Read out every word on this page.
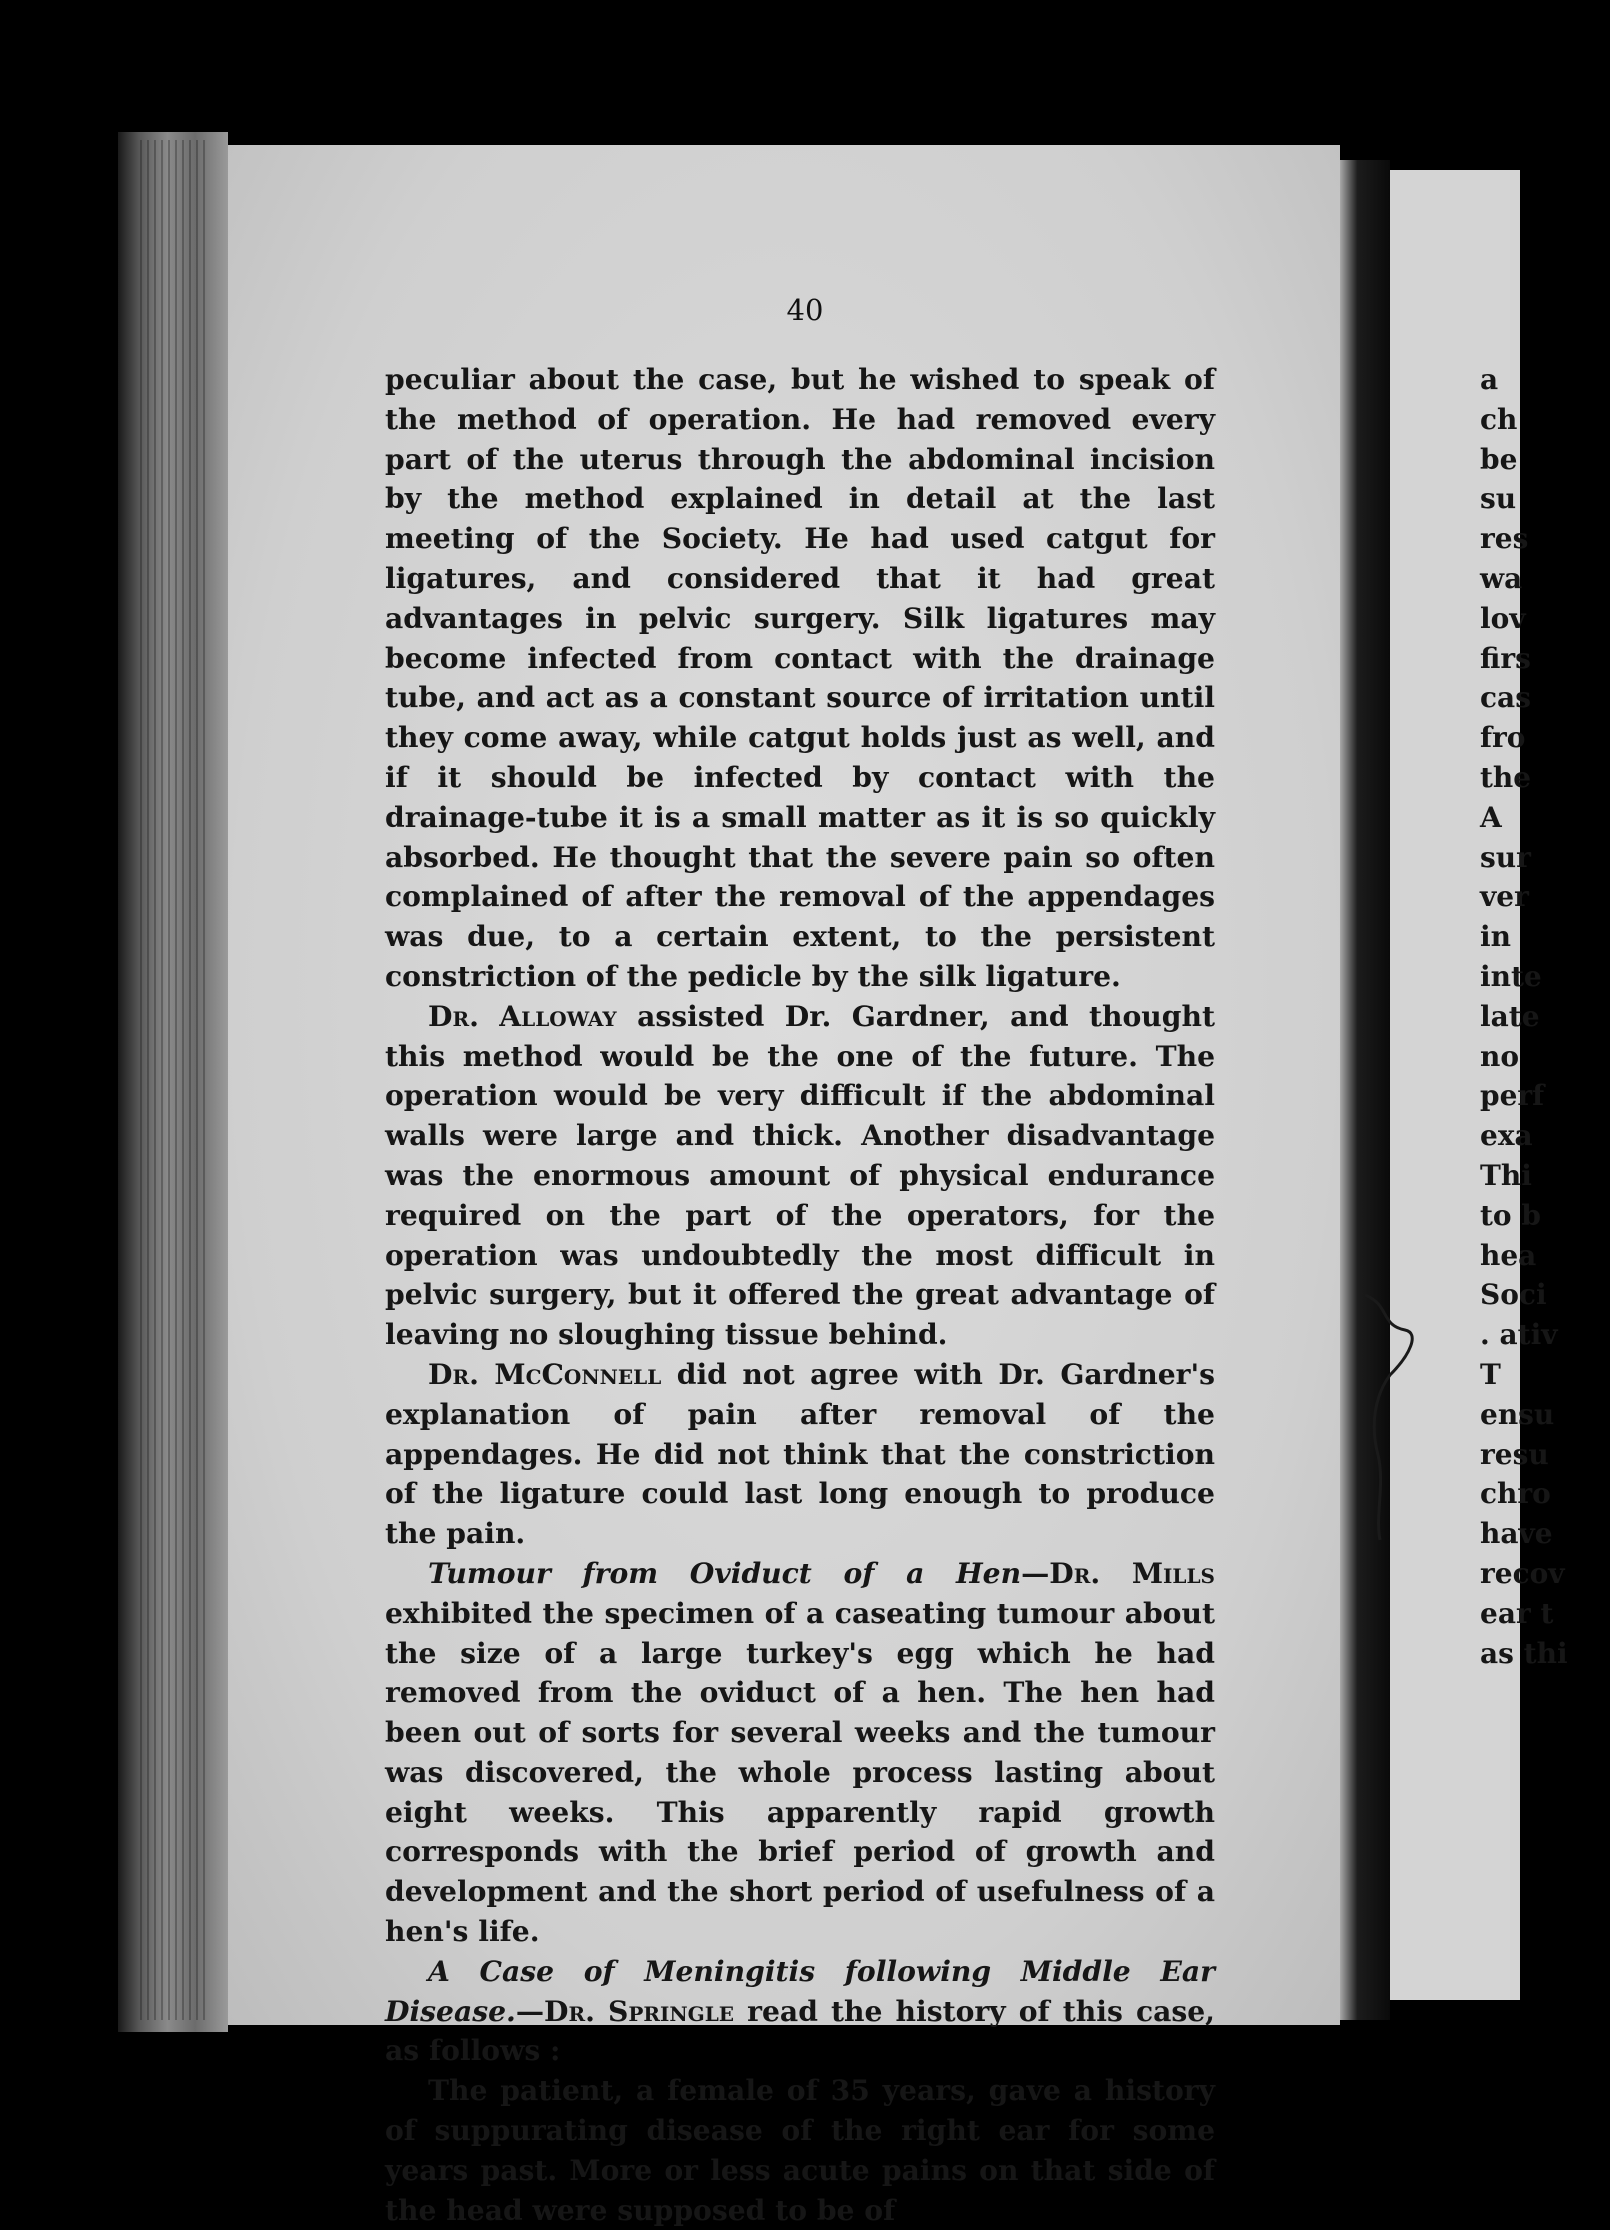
40

peculiar about the case, but he wished to speak of the method of operation. He had removed every part of the uterus through the abdominal incision by the method explained in detail at the last meeting of the Society. He had used catgut for ligatures, and considered that it had great advantages in pelvic surgery. Silk ligatures may become infected from contact with the drainage tube, and act as a constant source of irritation until they come away, while catgut holds just as well, and if it should be infected by contact with the drainage-tube it is a small matter as it is so quickly absorbed. He thought that the severe pain so often complained of after the removal of the appendages was due, to a certain extent, to the persistent constriction of the pedicle by the silk ligature.

Dr. Alloway assisted Dr. Gardner, and thought this method would be the one of the future. The operation would be very difficult if the abdominal walls were large and thick. Another disadvantage was the enormous amount of physical endurance required on the part of the operators, for the operation was undoubtedly the most difficult in pelvic surgery, but it offered the great advantage of leaving no sloughing tissue behind.

Dr. McConnell did not agree with Dr. Gardner's explanation of pain after removal of the appendages. He did not think that the constriction of the ligature could last long enough to produce the pain.

Tumour from Oviduct of a Hen—Dr. Mills exhibited the specimen of a caseating tumour about the size of a large turkey's egg which he had removed from the oviduct of a hen. The hen had been out of sorts for several weeks and the tumour was discovered, the whole process lasting about eight weeks. This apparently rapid growth corresponds with the brief period of growth and development and the short period of usefulness of a hen's life.

A Case of Meningitis following Middle Ear Disease.—Dr. Springle read the history of this case, as follows :

The patient, a female of 35 years, gave a history of suppurating disease of the right ear for some years past. More or less acute pains on that side of the head were supposed to be of

a
ch
be
su
res
wa
lov
firs
cas
fro
the
A
sur
ver
in
inte
late
no
perf
exa
Thi
to b
hea
Soci
. ativ
T
ensu
resu
chro
have
recov
ear t
as thi
